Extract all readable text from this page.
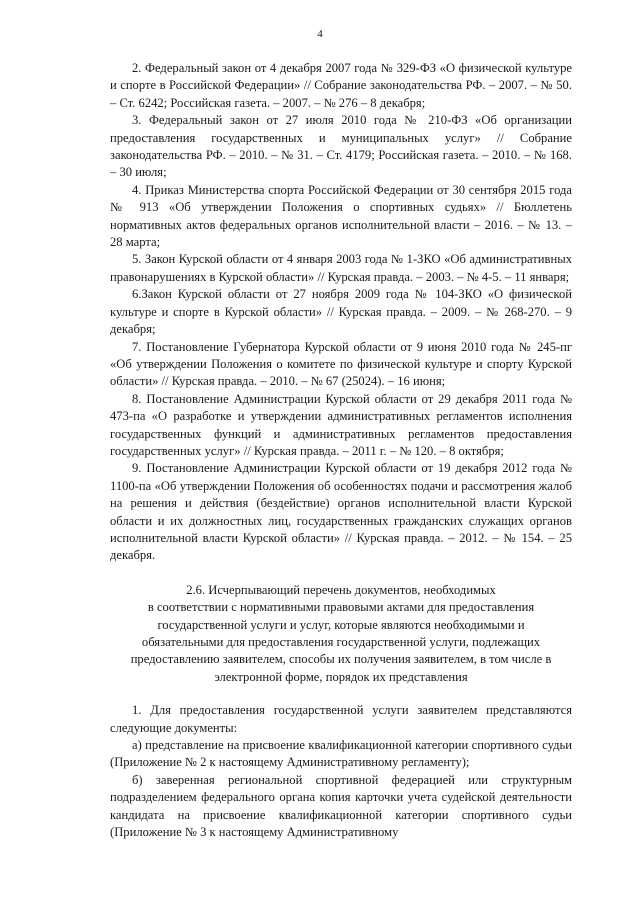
4

2. Федеральный закон от 4 декабря 2007 года № 329-ФЗ «О физической культуре и спорте в Российской Федерации» // Собрание законодательства РФ. – 2007. – № 50. – Ст. 6242; Российская газета. – 2007. – № 276 – 8 декабря;

3. Федеральный закон от 27 июля 2010 года № 210-ФЗ «Об организации предоставления государственных и муниципальных услуг» // Собрание законодательства РФ. – 2010. – № 31. – Ст. 4179; Российская газета. – 2010. – № 168. – 30 июля;

4. Приказ Министерства спорта Российской Федерации от 30 сентября 2015 года № 913 «Об утверждении Положения о спортивных судьях» // Бюллетень нормативных актов федеральных органов исполнительной власти – 2016. – № 13. – 28 марта;

5. Закон Курской области от 4 января 2003 года № 1-ЗКО «Об административных правонарушениях в Курской области» // Курская правда. – 2003. – № 4-5. – 11 января;

6.Закон Курской области от 27 ноября 2009 года № 104-ЗКО «О физической культуре и спорте в Курской области» // Курская правда. – 2009. – № 268-270. – 9 декабря;

7. Постановление Губернатора Курской области от 9 июня 2010 года № 245-пг «Об утверждении Положения о комитете по физической культуре и спорту Курской области» // Курская правда. – 2010. – № 67 (25024). – 16 июня;

8. Постановление Администрации Курской области от 29 декабря 2011 года № 473-па «О разработке и утверждении административных регламентов исполнения государственных функций и административных регламентов предоставления государственных услуг» // Курская правда. – 2011 г. – № 120. – 8 октября;

9. Постановление Администрации Курской области от 19 декабря 2012 года № 1100-па «Об утверждении Положения об особенностях подачи и рассмотрения жалоб на решения и действия (бездействие) органов исполнительной власти Курской области и их должностных лиц, государственных гражданских служащих органов исполнительной власти Курской области» // Курская правда. – 2012. – № 154. – 25 декабря.

2.6. Исчерпывающий перечень документов, необходимых
в соответствии с нормативными правовыми актами для предоставления
государственной услуги и услуг, которые являются необходимыми и
обязательными для предоставления государственной услуги, подлежащих
предоставлению заявителем, способы их получения заявителем, в том числе в
электронной форме, порядок их представления

1. Для предоставления государственной услуги заявителем представляются следующие документы:

а) представление на присвоение квалификационной категории спортивного судьи (Приложение № 2 к настоящему Административному регламенту);

б) заверенная региональной спортивной федерацией или структурным подразделением федерального органа копия карточки учета судейской деятельности кандидата на присвоение квалификационной категории спортивного судьи (Приложение № 3 к настоящему Административному
